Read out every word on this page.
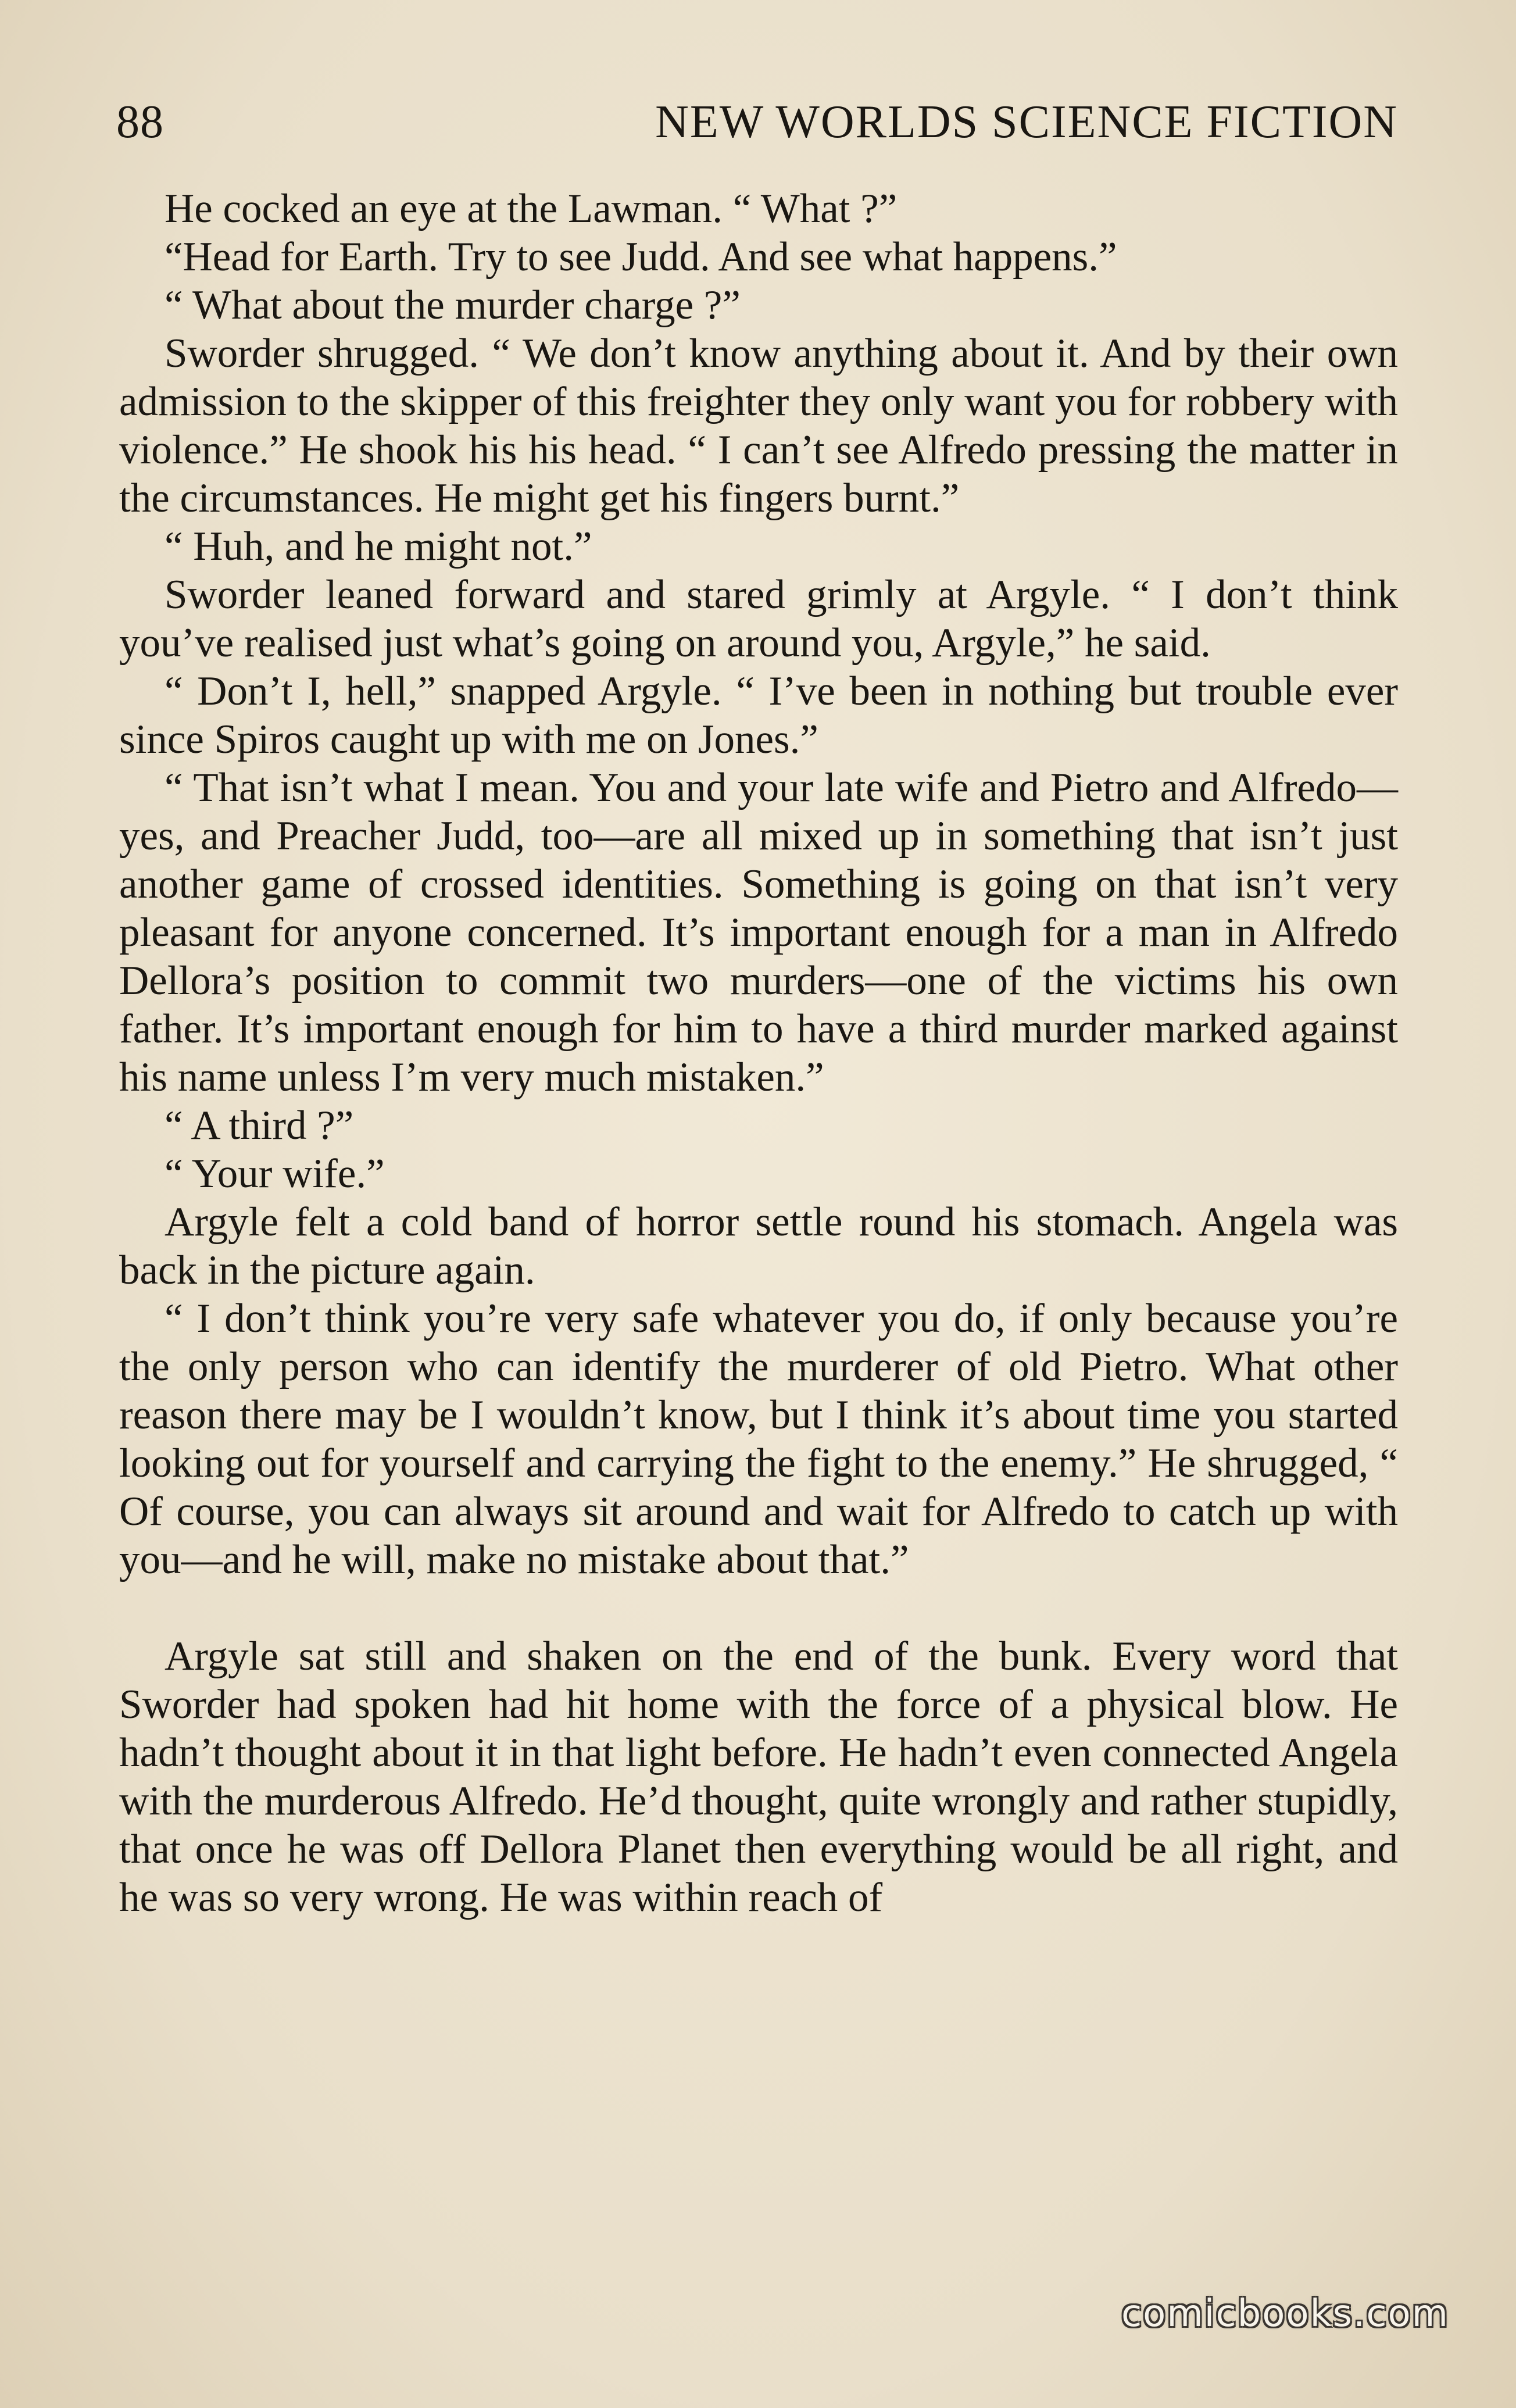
88	NEW WORLDS SCIENCE FICTION

He cocked an eye at the Lawman. “ What ?”

“Head for Earth. Try to see Judd. And see what happens.”

“ What about the murder charge ?”

Sworder shrugged. “ We don’t know anything about it. And by their own admission to the skipper of this freighter they only want you for robbery with violence.” He shook his his head. “ I can’t see Alfredo pressing the matter in the circumstances. He might get his fingers burnt.”

“ Huh, and he might not.”

Sworder leaned forward and stared grimly at Argyle. “ I don’t think you’ve realised just what’s going on around you, Argyle,” he said.

“ Don’t I, hell,” snapped Argyle. “ I’ve been in nothing but trouble ever since Spiros caught up with me on Jones.”

“ That isn’t what I mean. You and your late wife and Pietro and Alfredo—yes, and Preacher Judd, too—are all mixed up in something that isn’t just another game of crossed identities. Something is going on that isn’t very pleasant for anyone concerned. It’s important enough for a man in Alfredo Dellora’s position to commit two murders—one of the victims his own father. It’s important enough for him to have a third murder marked against his name unless I’m very much mistaken.”

“ A third ?”

“ Your wife.”

Argyle felt a cold band of horror settle round his stomach. Angela was back in the picture again.

“ I don’t think you’re very safe whatever you do, if only because you’re the only person who can identify the murderer of old Pietro. What other reason there may be I wouldn’t know, but I think it’s about time you started looking out for yourself and carrying the fight to the enemy.” He shrugged, “ Of course, you can always sit around and wait for Alfredo to catch up with you—and he will, make no mistake about that.”

Argyle sat still and shaken on the end of the bunk. Every word that Sworder had spoken had hit home with the force of a physical blow. He hadn’t thought about it in that light before. He hadn’t even connected Angela with the murderous Alfredo. He’d thought, quite wrongly and rather stupidly, that once he was off Dellora Planet then everything would be all right, and he was so very wrong. He was within reach of

comicbooks.com
